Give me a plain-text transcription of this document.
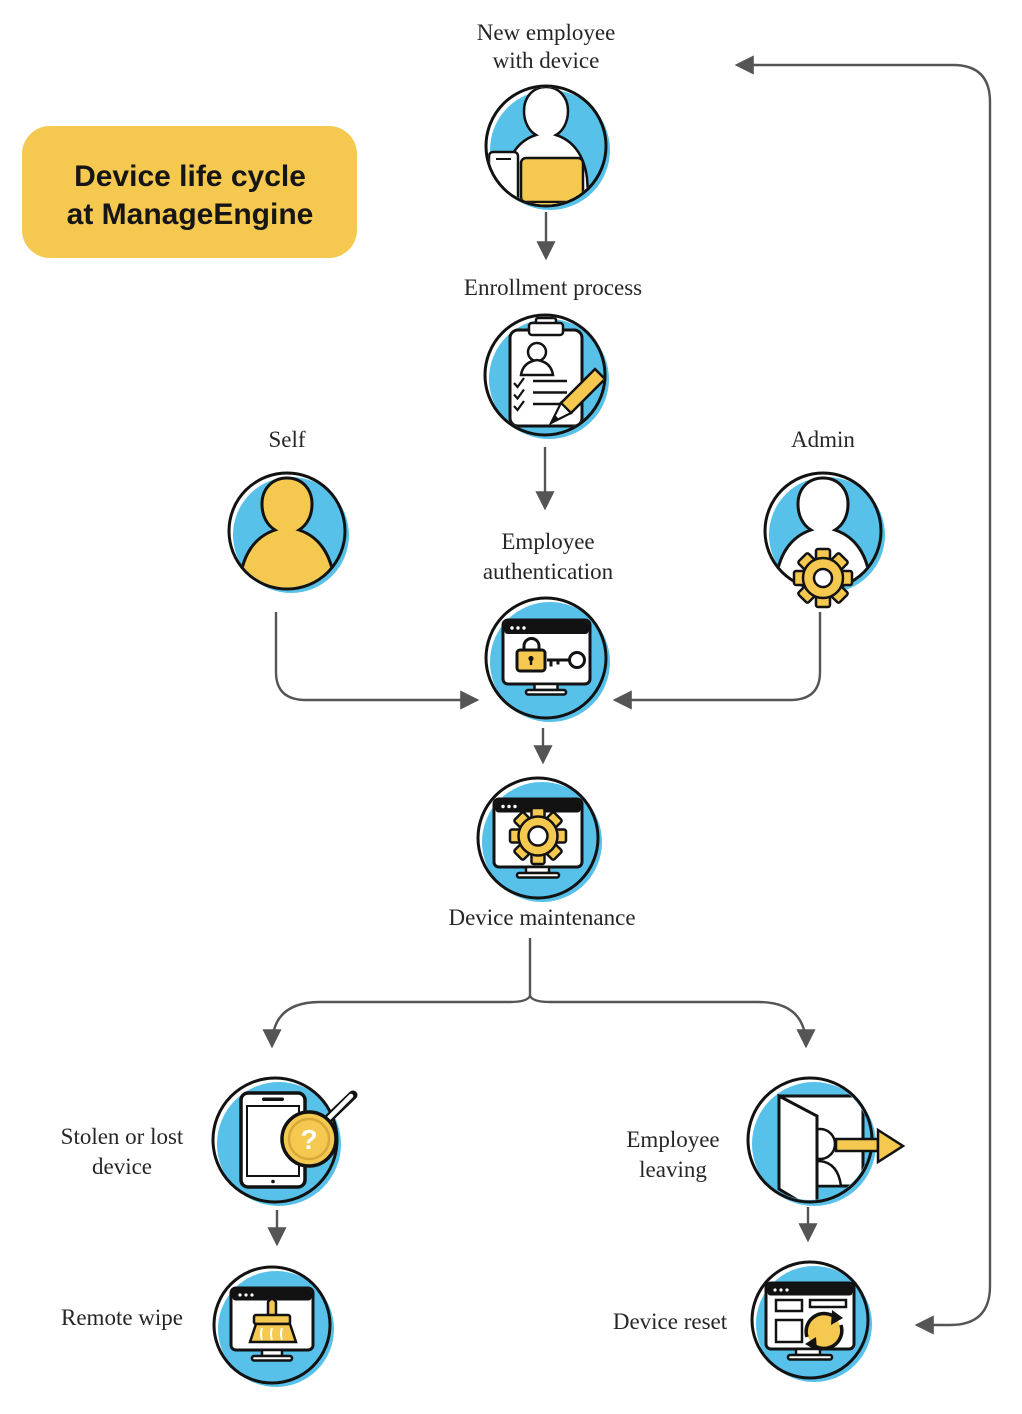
Device life cycle
at ManageEngine
New employee
with device
Enrollment process
Self	Admin
Employee
authentication
Device maintenance
Stolen or lost
device
?
Remote wipe
Employee
leaving
Device reset
